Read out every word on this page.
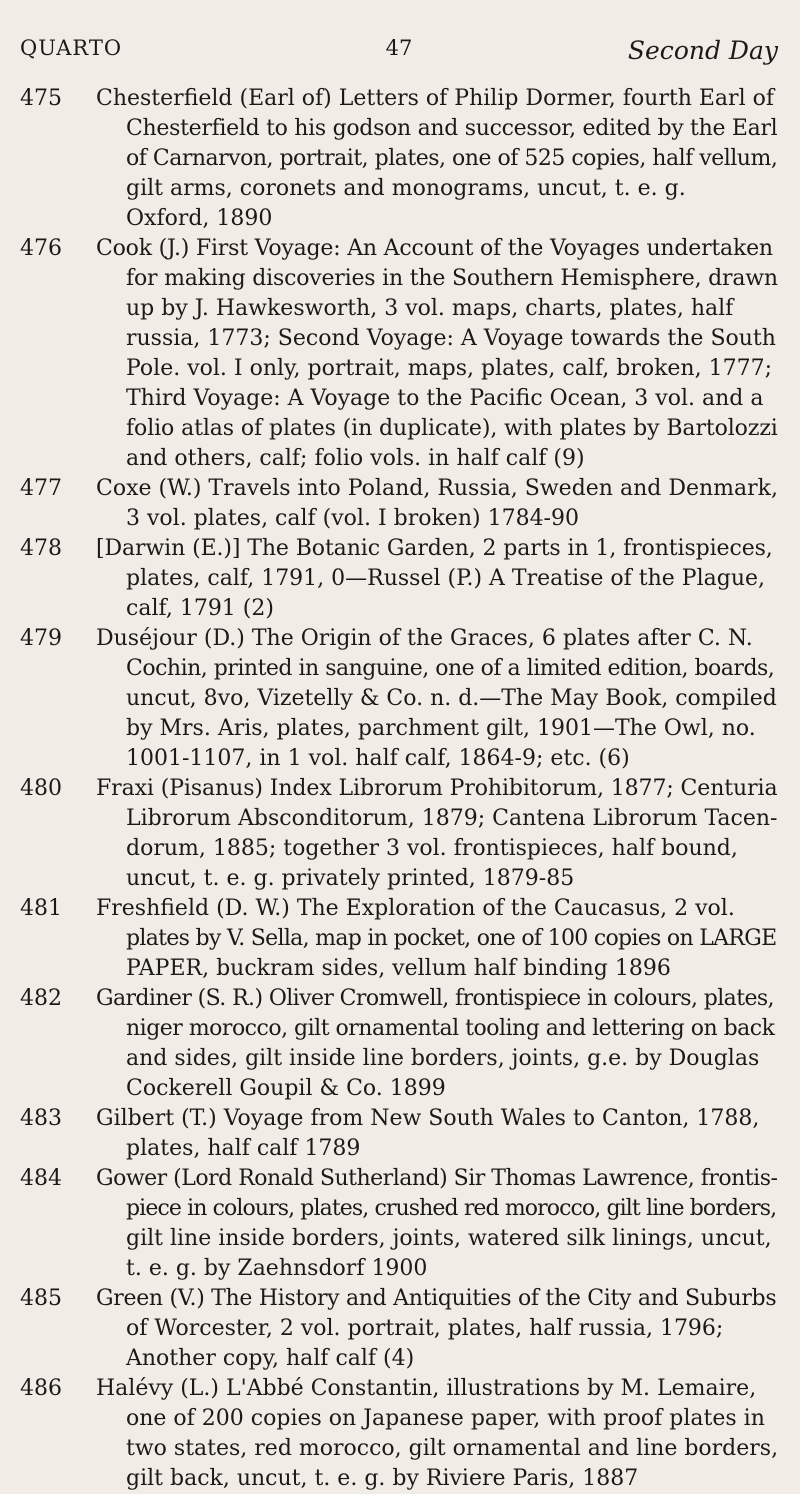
QUARTO	47	Second Day
475 Chesterfield (Earl of) Letters of Philip Dormer, fourth Earl of
Chesterfield to his godson and successor, edited by the Earl
of Carnarvon, portrait, plates, one of 525 copies, half vellum,
gilt arms, coronets and monograms, uncut, t. e. g.
Oxford, 1890
476 Cook (J.) First Voyage: An Account of the Voyages undertaken
for making discoveries in the Southern Hemisphere, drawn
up by J. Hawkesworth, 3 vol. maps, charts, plates, half
russia, 1773; Second Voyage: A Voyage towards the South
Pole. vol. I only, portrait, maps, plates, calf, broken, 1777;
Third Voyage: A Voyage to the Pacific Ocean, 3 vol. and a
folio atlas of plates (in duplicate), with plates by Bartolozzi
and others, calf; folio vols. in half calf (9)
477 Coxe (W.) Travels into Poland, Russia, Sweden and Denmark,
3 vol. plates, calf (vol. I broken) 1784-90
478 [Darwin (E.)] The Botanic Garden, 2 parts in 1, frontispieces,
plates, calf, 1791, 0—Russel (P.) A Treatise of the Plague,
calf, 1791 (2)
479 Duséjour (D.) The Origin of the Graces, 6 plates after C. N.
Cochin, printed in sanguine, one of a limited edition, boards,
uncut, 8vo, Vizetelly & Co. n. d.—The May Book, compiled
by Mrs. Aris, plates, parchment gilt, 1901—The Owl, no.
1001-1107, in 1 vol. half calf, 1864-9; etc. (6)
480 Fraxi (Pisanus) Index Librorum Prohibitorum, 1877; Centuria
Librorum Absconditorum, 1879; Cantena Librorum Tacen-
dorum, 1885; together 3 vol. frontispieces, half bound,
uncut, t. e. g. privately printed, 1879-85
481 Freshfield (D. W.) The Exploration of the Caucasus, 2 vol.
plates by V. Sella, map in pocket, one of 100 copies on LARGE
PAPER, buckram sides, vellum half binding 1896
482 Gardiner (S. R.) Oliver Cromwell, frontispiece in colours, plates,
niger morocco, gilt ornamental tooling and lettering on back
and sides, gilt inside line borders, joints, g.e. by Douglas
Cockerell Goupil & Co. 1899
483 Gilbert (T.) Voyage from New South Wales to Canton, 1788,
plates, half calf 1789
484 Gower (Lord Ronald Sutherland) Sir Thomas Lawrence, frontis-
piece in colours, plates, crushed red morocco, gilt line borders,
gilt line inside borders, joints, watered silk linings, uncut,
t. e. g. by Zaehnsdorf 1900
485 Green (V.) The History and Antiquities of the City and Suburbs
of Worcester, 2 vol. portrait, plates, half russia, 1796;
Another copy, half calf (4)
486 Halévy (L.) L'Abbé Constantin, illustrations by M. Lemaire,
one of 200 copies on Japanese paper, with proof plates in
two states, red morocco, gilt ornamental and line borders,
gilt back, uncut, t. e. g. by Riviere Paris, 1887
